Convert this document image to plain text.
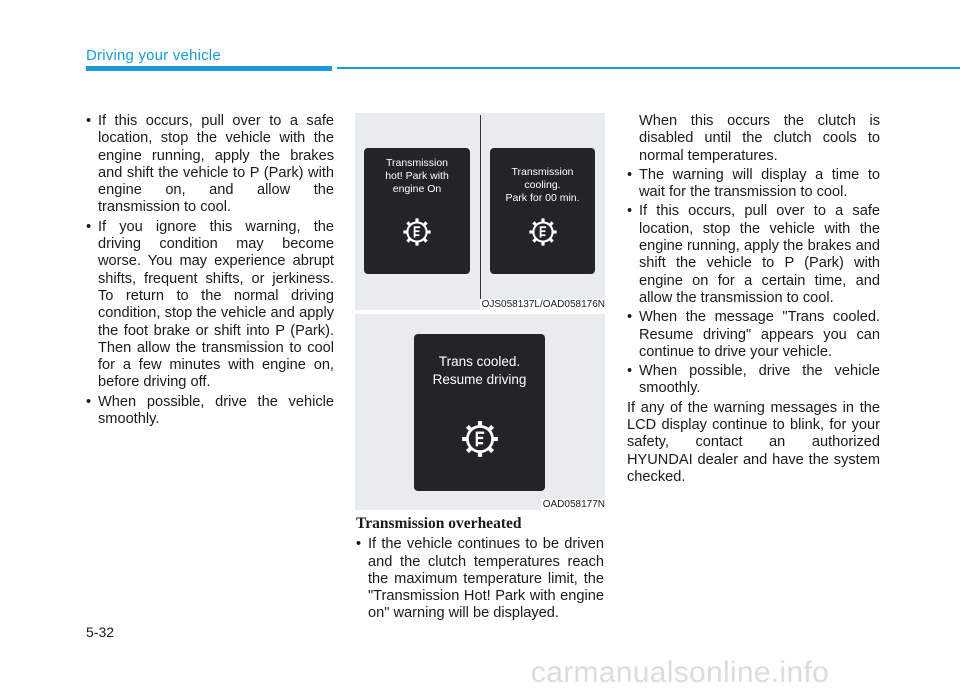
Driving your vehicle
• If this occurs, pull over to a safe location, stop the vehicle with the engine running, apply the brakes and shift the vehicle to P (Park) with engine on, and allow the transmission to cool.
• If you ignore this warning, the driving condition may become worse. You may experience abrupt shifts, frequent shifts, or jerkiness. To return to the normal driving condition, stop the vehicle and apply the foot brake or shift into P (Park). Then allow the transmission to cool for a few minutes with engine on, before driving off.
• When possible, drive the vehicle smoothly.
Transmission
hot! Park with
engine On
Transmission
cooling.
Park for 00 min.
OJS058137L/OAD058176N
Trans cooled.
Resume driving
OAD058177N
Transmission overheated
• If the vehicle continues to be driven and the clutch temperatures reach the maximum temperature limit, the "Transmission Hot! Park with engine on" warning will be displayed.

When this occurs the clutch is disabled until the clutch cools to normal temperatures.

• The warning will display a time to wait for the transmission to cool.
• If this occurs, pull over to a safe location, stop the vehicle with the engine running, apply the brakes and shift the vehicle to P (Park) with engine on for a certain time, and allow the transmission to cool.
• When the message "Trans cooled. Resume driving" appears you can continue to drive your vehicle.
• When possible, drive the vehicle smoothly.

If any of the warning messages in the LCD display continue to blink, for your safety, contact an authorized HYUNDAI dealer and have the system checked.

5-32
carmanualsonline.info
